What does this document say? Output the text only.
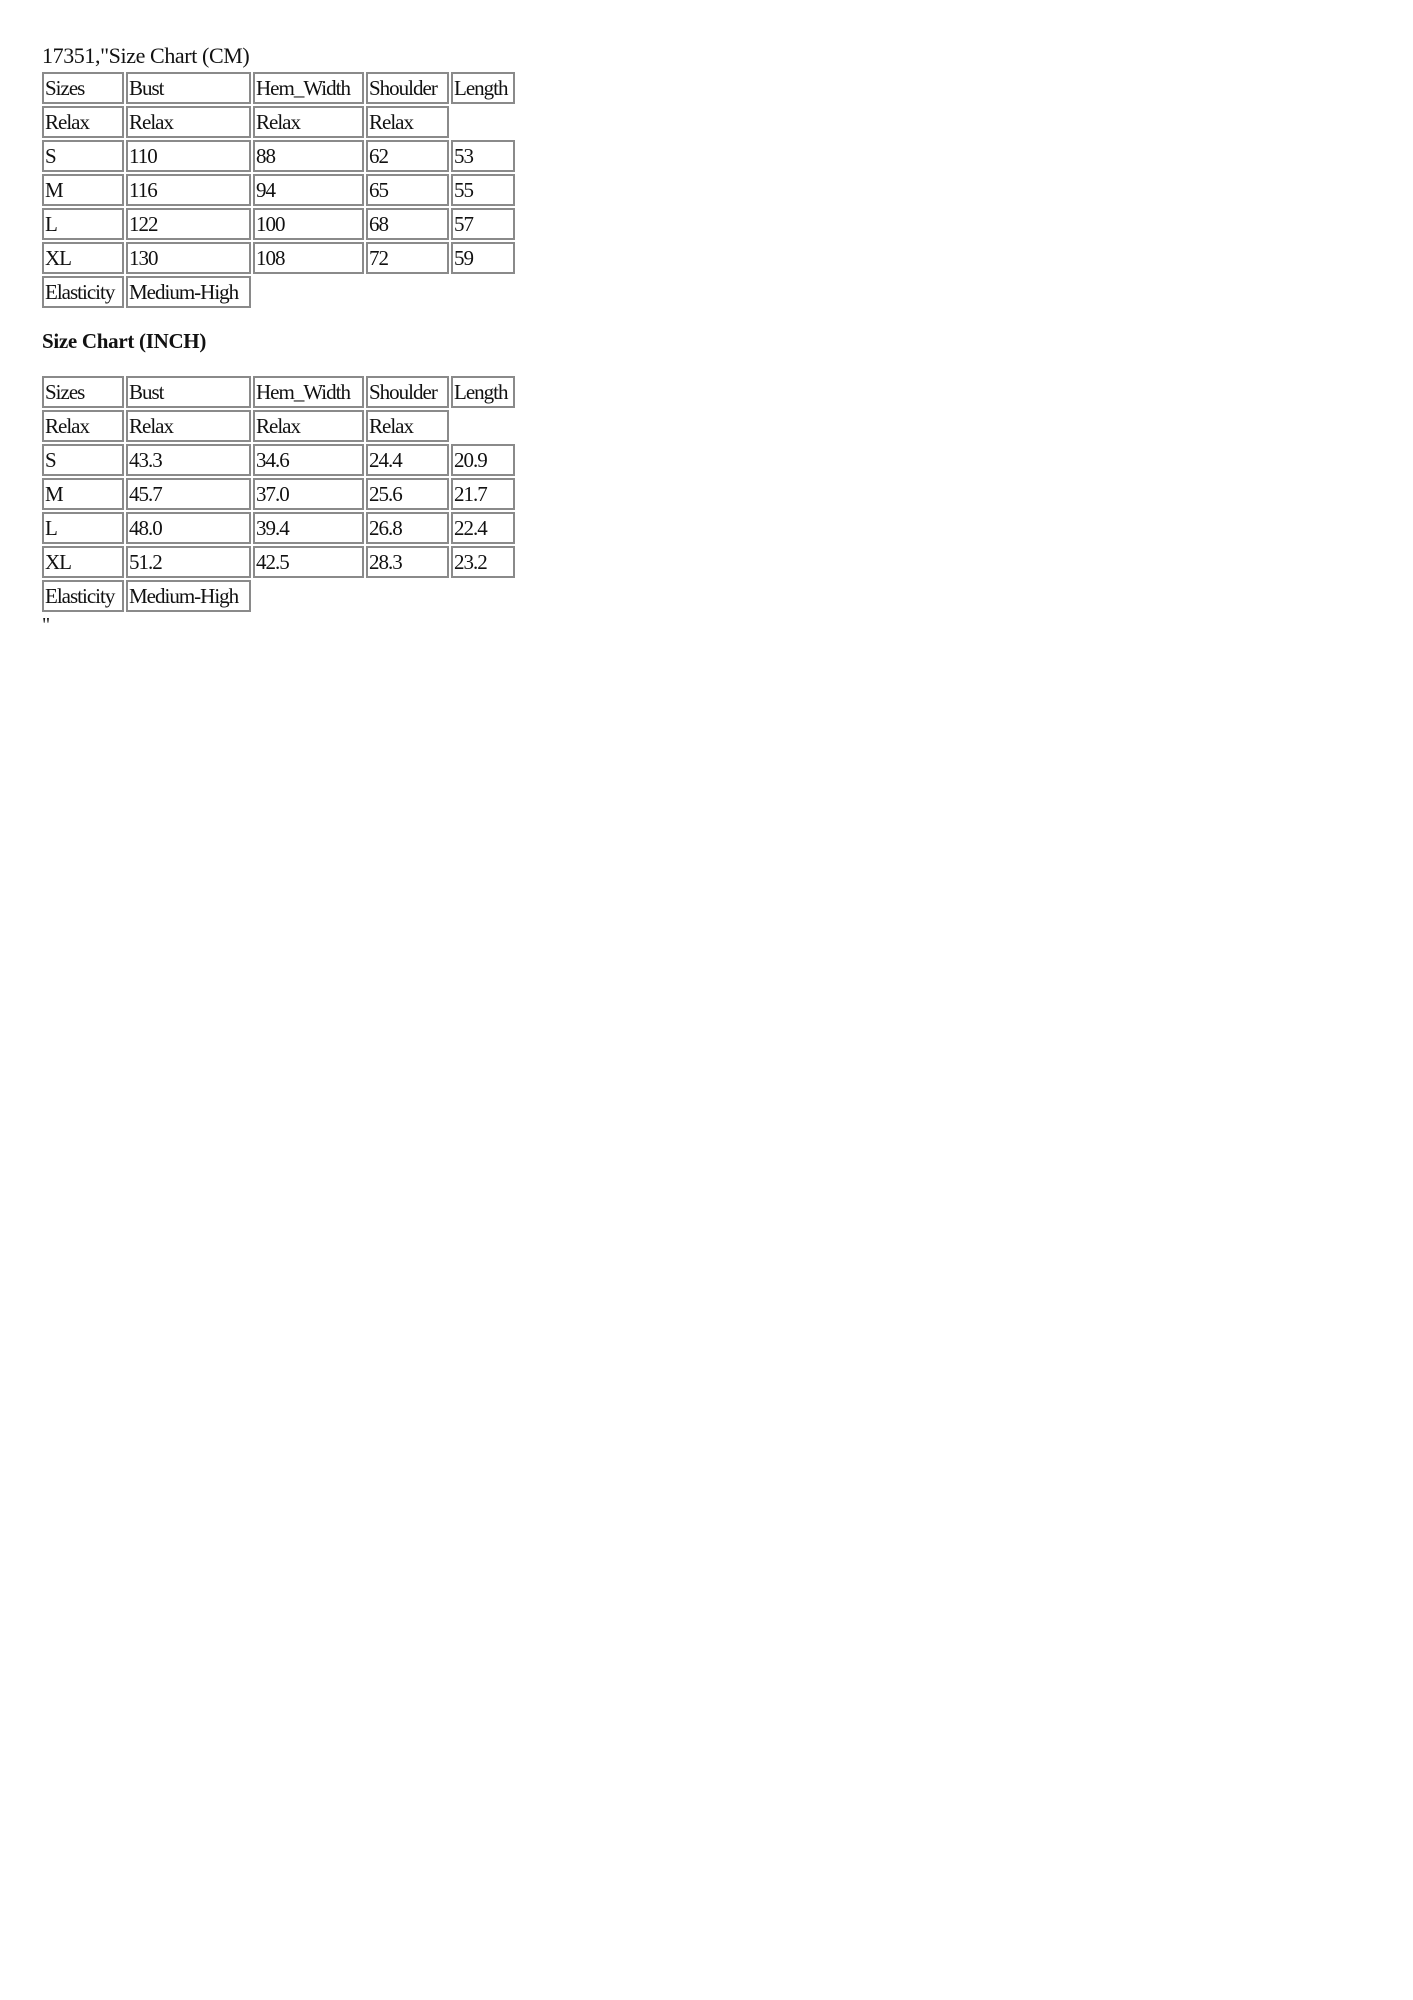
17351,"Size Chart (CM)
Sizes	Bust	Hem_Width	Shoulder	Length
Relax	Relax	Relax	Relax	
S	110	88	62	53
M	116	94	65	55
L	122	100	68	57
XL	130	108	72	59
Elasticity	Medium-High			
Size Chart (INCH)
Sizes	Bust	Hem_Width	Shoulder	Length
Relax	Relax	Relax	Relax	
S	43.3	34.6	24.4	20.9
M	45.7	37.0	25.6	21.7
L	48.0	39.4	26.8	22.4
XL	51.2	42.5	28.3	23.2
Elasticity	Medium-High			
"
